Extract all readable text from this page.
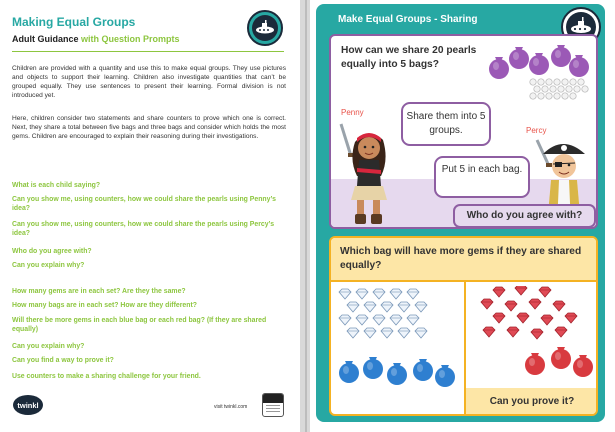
Making Equal Groups
Adult Guidance with Question Prompts

Children are provided with a quantity and use this to make equal groups. They use pictures and objects to support their learning. Children also investigate quantities that can’t be grouped equally. They use sentences to present their learning. Formal division is not introduced yet.

Here, children consider two statements and share counters to prove which one is correct. Next, they share a total between five bags and three bags and consider which holds the most gems. Children are encouraged to explain their reasoning during their investigations.

What is each child saying?
Can you show me, using counters, how we could share the pearls using Penny’s idea?
Can you show me, using counters, how we could share the pearls using Percy’s idea?
Who do you agree with?
Can you explain why?
How many gems are in each set? Are they the same?
How many bags are in each set? How are they different?
Will there be more gems in each blue bag or each red bag? (If they are shared equally)
Can you explain why?
Can you find a way to prove it?
Use counters to make a sharing challenge for your friend.
twinkl	visit twinkl.com
Make Equal Groups - Sharing
How can we share 20 pearls equally into 5 bags?
Penny
Percy
Share them into 5 groups.
Put 5 in each bag.
Who do you agree with?
Which bag will have more gems if they are shared equally?
Can you prove it?
